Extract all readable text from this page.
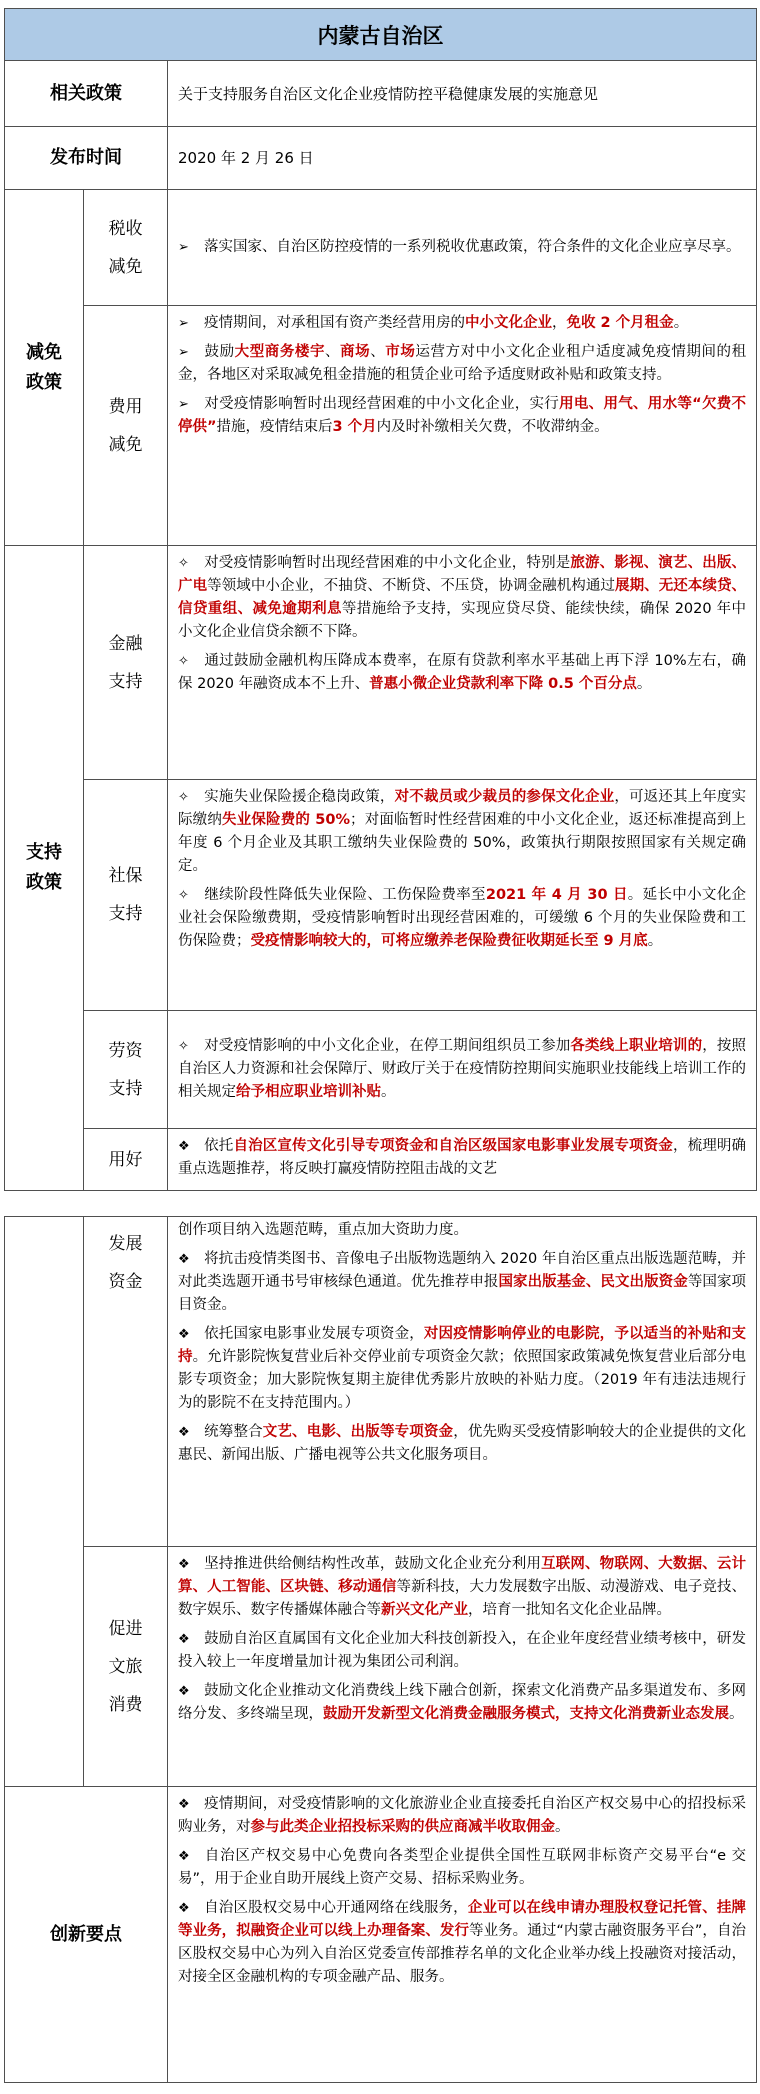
内蒙古自治区		
相关政策		关于支持服务自治区文化企业疫情防控平稳健康发展的实施意见
发布时间		2020 年 2 月 26 日
减免政策	税收减免	➢ 落实国家、自治区防控疫情的一系列税收优惠政策，符合条件的文化企业应享尽享。

	费用减免	➢ 疫情期间，对承租国有资产类经营用房的中小文化企业，免收 2 个月租金。
➢ 鼓励大型商务楼宇、商场、市场运营方对中小文化企业租户适度减免疫情期间的租金，各地区对采取减免租金措施的租赁企业可给予适度财政补贴和政策支持。
➢ 对受疫情影响暂时出现经营困难的中小文化企业，实行用电、用气、用水等“欠费不停供”措施，疫情结束后3 个月内及时补缴相关欠费，不收滞纳金。

支持政策	金融支持	✧ 对受疫情影响暂时出现经营困难的中小文化企业，特别是旅游、影视、演艺、出版、广电等领域中小企业，不抽贷、不断贷、不压贷，协调金融机构通过展期、无还本续贷、信贷重组、减免逾期利息等措施给予支持，实现应贷尽贷、能续快续，确保 2020 年中小文化企业信贷余额不下降。
✧ 通过鼓励金融机构压降成本费率，在原有贷款利率水平基础上再下浮 10%左右，确保 2020 年融资成本不上升、普惠小微企业贷款利率下降 0.5 个百分点。

	社保支持	✧ 实施失业保险援企稳岗政策，对不裁员或少裁员的参保文化企业，可返还其上年度实际缴纳失业保险费的 50%；对面临暂时性经营困难的中小文化企业，返还标准提高到上年度 6 个月企业及其职工缴纳失业保险费的 50%，政策执行期限按照国家有关规定确定。
✧ 继续阶段性降低失业保险、工伤保险费率至2021 年 4 月 30 日。延长中小文化企业社会保险缴费期，受疫情影响暂时出现经营困难的，可缓缴 6 个月的失业保险费和工伤保险费；受疫情影响较大的，可将应缴养老保险费征收期延长至 9 月底。

	劳资支持	✧ 对受疫情影响的中小文化企业，在停工期间组织员工参加各类线上职业培训的，按照自治区人力资源和社会保障厅、财政厅关于在疫情防控期间实施职业技能线上培训工作的相关规定给予相应职业培训补贴。

	用好	❖ 依托自治区宣传文化引导专项资金和自治区级国家电影事业发展专项资金，梳理明确重点选题推荐，将反映打赢疫情防控阻击战的文艺
	发展资金	创作项目纳入选题范畴，重点加大资助力度。
❖ 将抗击疫情类图书、音像电子出版物选题纳入 2020 年自治区重点出版选题范畴，并对此类选题开通书号审核绿色通道。优先推荐申报国家出版基金、民文出版资金等国家项目资金。
❖ 依托国家电影事业发展专项资金，对因疫情影响停业的电影院，予以适当的补贴和支持。允许影院恢复营业后补交停业前专项资金欠款；依照国家政策减免恢复营业后部分电影专项资金；加大影院恢复期主旋律优秀影片放映的补贴力度。（2019 年有违法违规行为的影院不在支持范围内。）
❖ 统筹整合文艺、电影、出版等专项资金，优先购买受疫情影响较大的企业提供的文化惠民、新闻出版、广播电视等公共文化服务项目。

	促进文旅消费	❖ 坚持推进供给侧结构性改革，鼓励文化企业充分利用互联网、物联网、大数据、云计算、人工智能、区块链、移动通信等新科技，大力发展数字出版、动漫游戏、电子竞技、数字娱乐、数字传播媒体融合等新兴文化产业，培育一批知名文化企业品牌。
❖ 鼓励自治区直属国有文化企业加大科技创新投入，在企业年度经营业绩考核中，研发投入较上一年度增量加计视为集团公司利润。
❖ 鼓励文化企业推动文化消费线上线下融合创新，探索文化消费产品多渠道发布、多网络分发、多终端呈现，鼓励开发新型文化消费金融服务模式，支持文化消费新业态发展。

创新要点		❖ 疫情期间，对受疫情影响的文化旅游业企业直接委托自治区产权交易中心的招投标采购业务，对参与此类企业招投标采购的供应商减半收取佣金。
❖ 自治区产权交易中心免费向各类型企业提供全国性互联网非标资产交易平台“e 交易”，用于企业自助开展线上资产交易、招标采购业务。
❖ 自治区股权交易中心开通网络在线服务，企业可以在线申请办理股权登记托管、挂牌等业务，拟融资企业可以线上办理备案、发行等业务。通过“内蒙古融资服务平台”，自治区股权交易中心为列入自治区党委宣传部推荐名单的文化企业举办线上投融资对接活动，对接全区金融机构的专项金融产品、服务。
